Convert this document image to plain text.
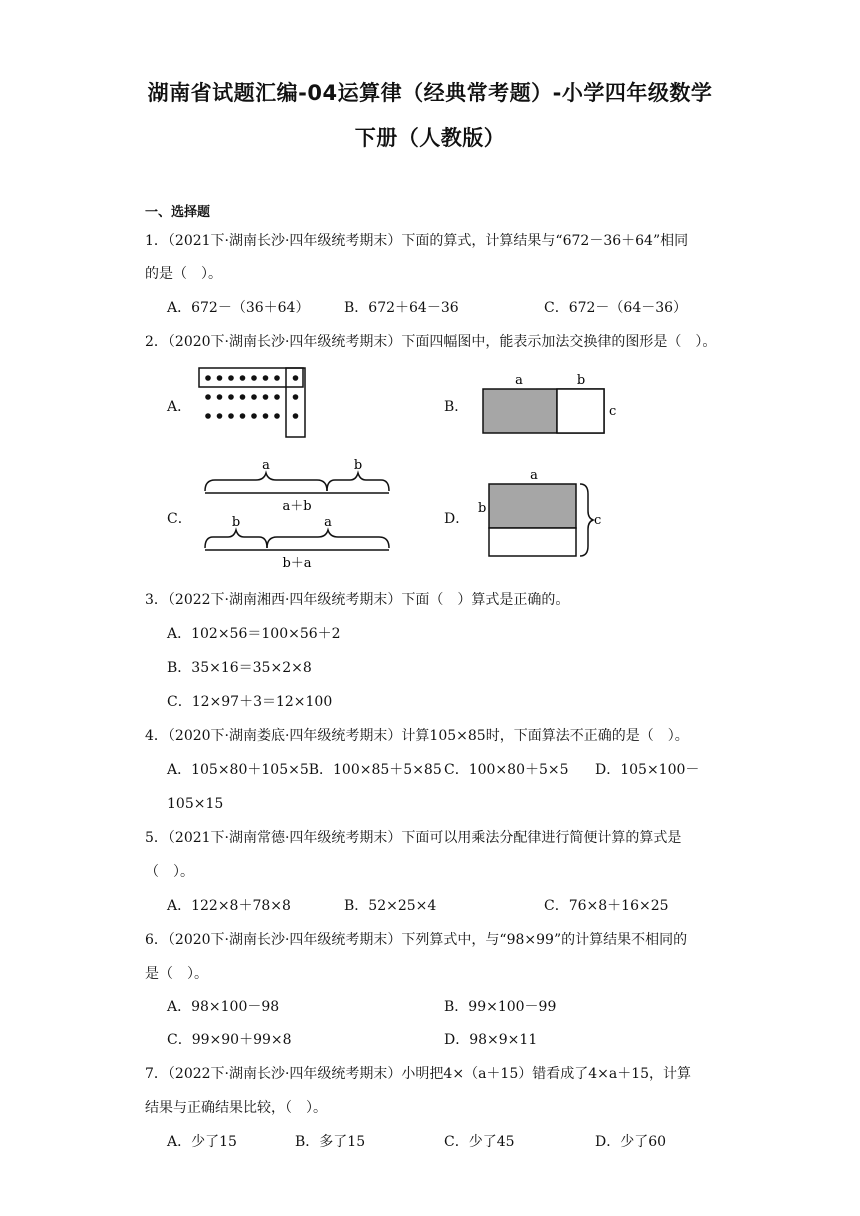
湖南省试题汇编-04运算律（经典常考题）-小学四年级数学
下册（人教版）
一、选择题
1．（2021下·湖南长沙·四年级统考期末）下面的算式，计算结果与“672－36＋64”相同
的是（　）。
A．672－（36＋64） B．672＋64－36	C．672－（64－36）
2．（2020下·湖南长沙·四年级统考期末）下面四幅图中，能表示加法交换律的图形是（　）。
A．	B．
a	b
c
C．
a	b
a＋b
b	a
b＋a
D．
a
b
c
3．（2022下·湖南湘西·四年级统考期末）下面（　）算式是正确的。
A．102×56＝100×56＋2
B．35×16＝35×2×8
C．12×97＋3＝12×100
4．（2020下·湖南娄底·四年级统考期末）计算105×85时，下面算法不正确的是（　）。
A．105×80＋105×5B．100×85＋5×85 C．100×80＋5×5 D．105×100－
105×15
5．（2021下·湖南常德·四年级统考期末）下面可以用乘法分配律进行简便计算的算式是
（　）。
A．122×8＋78×8	B．52×25×4	C．76×8＋16×25
6．（2020下·湖南长沙·四年级统考期末）下列算式中，与“98×99”的计算结果不相同的
是（　）。
A．98×100－98	B．99×100－99
C．99×90＋99×8	D．98×9×11
7．（2022下·湖南长沙·四年级统考期末）小明把4×（a＋15）错看成了4×a＋15，计算
结果与正确结果比较，（　）。
A．少了15	B．多了15	C．少了45	D．少了60
